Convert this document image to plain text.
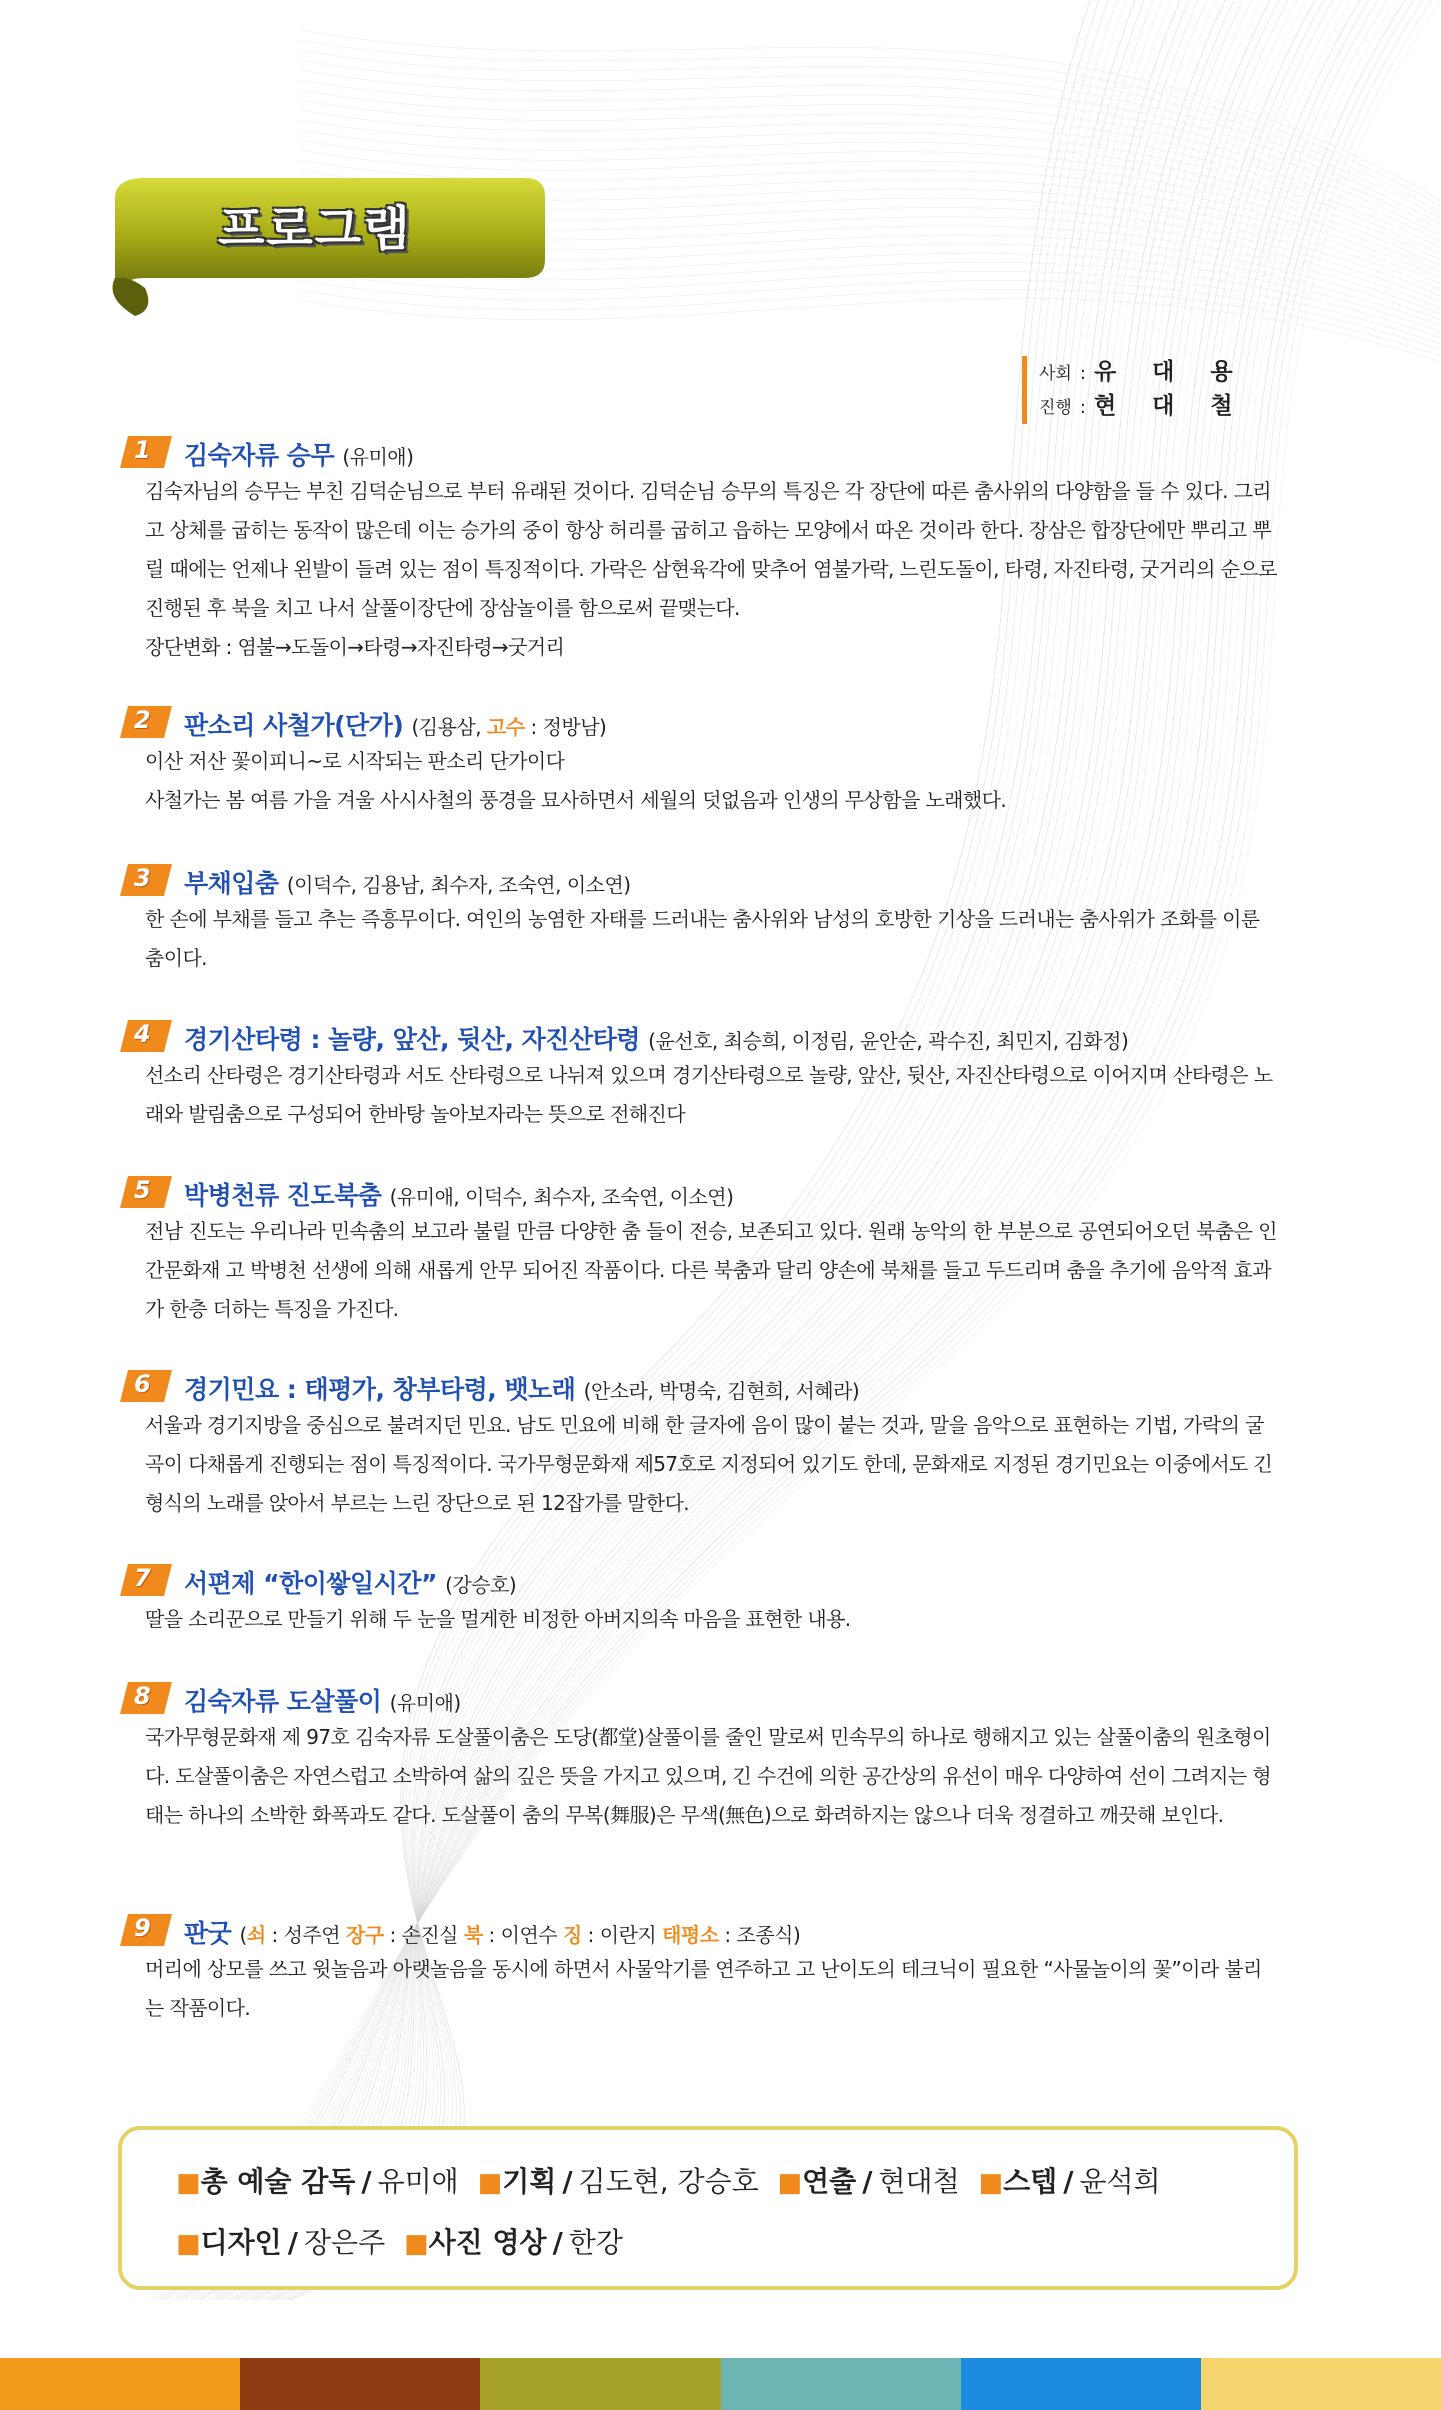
프로그램
사회 : 유 대 용
진행 : 현 대 철
1 김숙자류 승무 (유미애)

김숙자님의 승무는 부친 김덕순님으로 부터 유래된 것이다. 김덕순님 승무의 특징은 각 장단에 따른 춤사위의 다양함을 들 수 있다. 그리고 상체를 굽히는 동작이 많은데 이는 승가의 중이 항상 허리를 굽히고 읍하는 모양에서 따온 것이라 한다. 장삼은 합장단에만 뿌리고 뿌릴 때에는 언제나 왼발이 들려 있는 점이 특징적이다. 가락은 삼현육각에 맞추어 염불가락, 느린도돌이, 타령, 자진타령, 굿거리의 순으로 진행된 후 북을 치고 나서 살풀이장단에 장삼놀이를 함으로써 끝맺는다.

장단변화 : 염불→도돌이→타령→자진타령→굿거리

2 판소리 사철가(단가) (김용삼, 고수 : 정방남)

이산 저산 꽃이피니~로 시작되는 판소리 단가이다

사철가는 봄 여름 가을 겨울 사시사철의 풍경을 묘사하면서 세월의 덧없음과 인생의 무상함을 노래했다.

3 부채입춤 (이덕수, 김용남, 최수자, 조숙연, 이소연)

한 손에 부채를 들고 추는 즉흥무이다. 여인의 농염한 자태를 드러내는 춤사위와 남성의 호방한 기상을 드러내는 춤사위가 조화를 이룬 춤이다.

4 경기산타령 : 놀량, 앞산, 뒷산, 자진산타령 (윤선호, 최승희, 이정림, 윤안순, 곽수진, 최민지, 김화정)

선소리 산타령은 경기산타령과 서도 산타령으로 나뉘져 있으며 경기산타령으로 놀량, 앞산, 뒷산, 자진산타령으로 이어지며 산타령은 노래와 발림춤으로 구성되어 한바탕 놀아보자라는 뜻으로 전해진다

5 박병천류 진도북춤 (유미애, 이덕수, 최수자, 조숙연, 이소연)

전남 진도는 우리나라 민속춤의 보고라 불릴 만큼 다양한 춤 들이 전승, 보존되고 있다. 원래 농악의 한 부분으로 공연되어오던 북춤은 인간문화재 고 박병천 선생에 의해 새롭게 안무 되어진 작품이다. 다른 북춤과 달리 양손에 북채를 들고 두드리며 춤을 추기에 음악적 효과가 한층 더하는 특징을 가진다.

6 경기민요 : 태평가, 창부타령, 뱃노래 (안소라, 박명숙, 김현희, 서혜라)

서울과 경기지방을 중심으로 불려지던 민요. 남도 민요에 비해 한 글자에 음이 많이 붙는 것과, 말을 음악으로 표현하는 기법, 가락의 굴곡이 다채롭게 진행되는 점이 특징적이다. 국가무형문화재 제57호로 지정되어 있기도 한데, 문화재로 지정된 경기민요는 이중에서도 긴형식의 노래를 앉아서 부르는 느린 장단으로 된 12잡가를 말한다.

7 서편제 “한이쌓일시간” (강승호)

딸을 소리꾼으로 만들기 위해 두 눈을 멀게한 비정한 아버지의속 마음을 표현한 내용.

8 김숙자류 도살풀이 (유미애)

국가무형문화재 제 97호 김숙자류 도살풀이춤은 도당(都堂)살풀이를 줄인 말로써 민속무의 하나로 행해지고 있는 살풀이춤의 원초형이다. 도살풀이춤은 자연스럽고 소박하여 삶의 깊은 뜻을 가지고 있으며, 긴 수건에 의한 공간상의 유선이 매우 다양하여 선이 그려지는 형태는 하나의 소박한 화폭과도 같다. 도살풀이 춤의 무복(舞服)은 무색(無色)으로 화려하지는 않으나 더욱 정결하고 깨끗해 보인다.

9 판굿 (쇠 : 성주연 장구 : 손진실 북 : 이연수 징 : 이란지 태평소 : 조종식)

머리에 상모를 쓰고 윗놀음과 아랫놀음을 동시에 하면서 사물악기를 연주하고 고 난이도의 테크닉이 필요한 “사물놀이의 꽃”이라 불리는 작품이다.

■총 예술 감독 / 유미애 ■기획 / 김도현, 강승호 ■연출 / 현대철 ■스텝 / 윤석희
■디자인 / 장은주 ■사진 영상 / 한강
